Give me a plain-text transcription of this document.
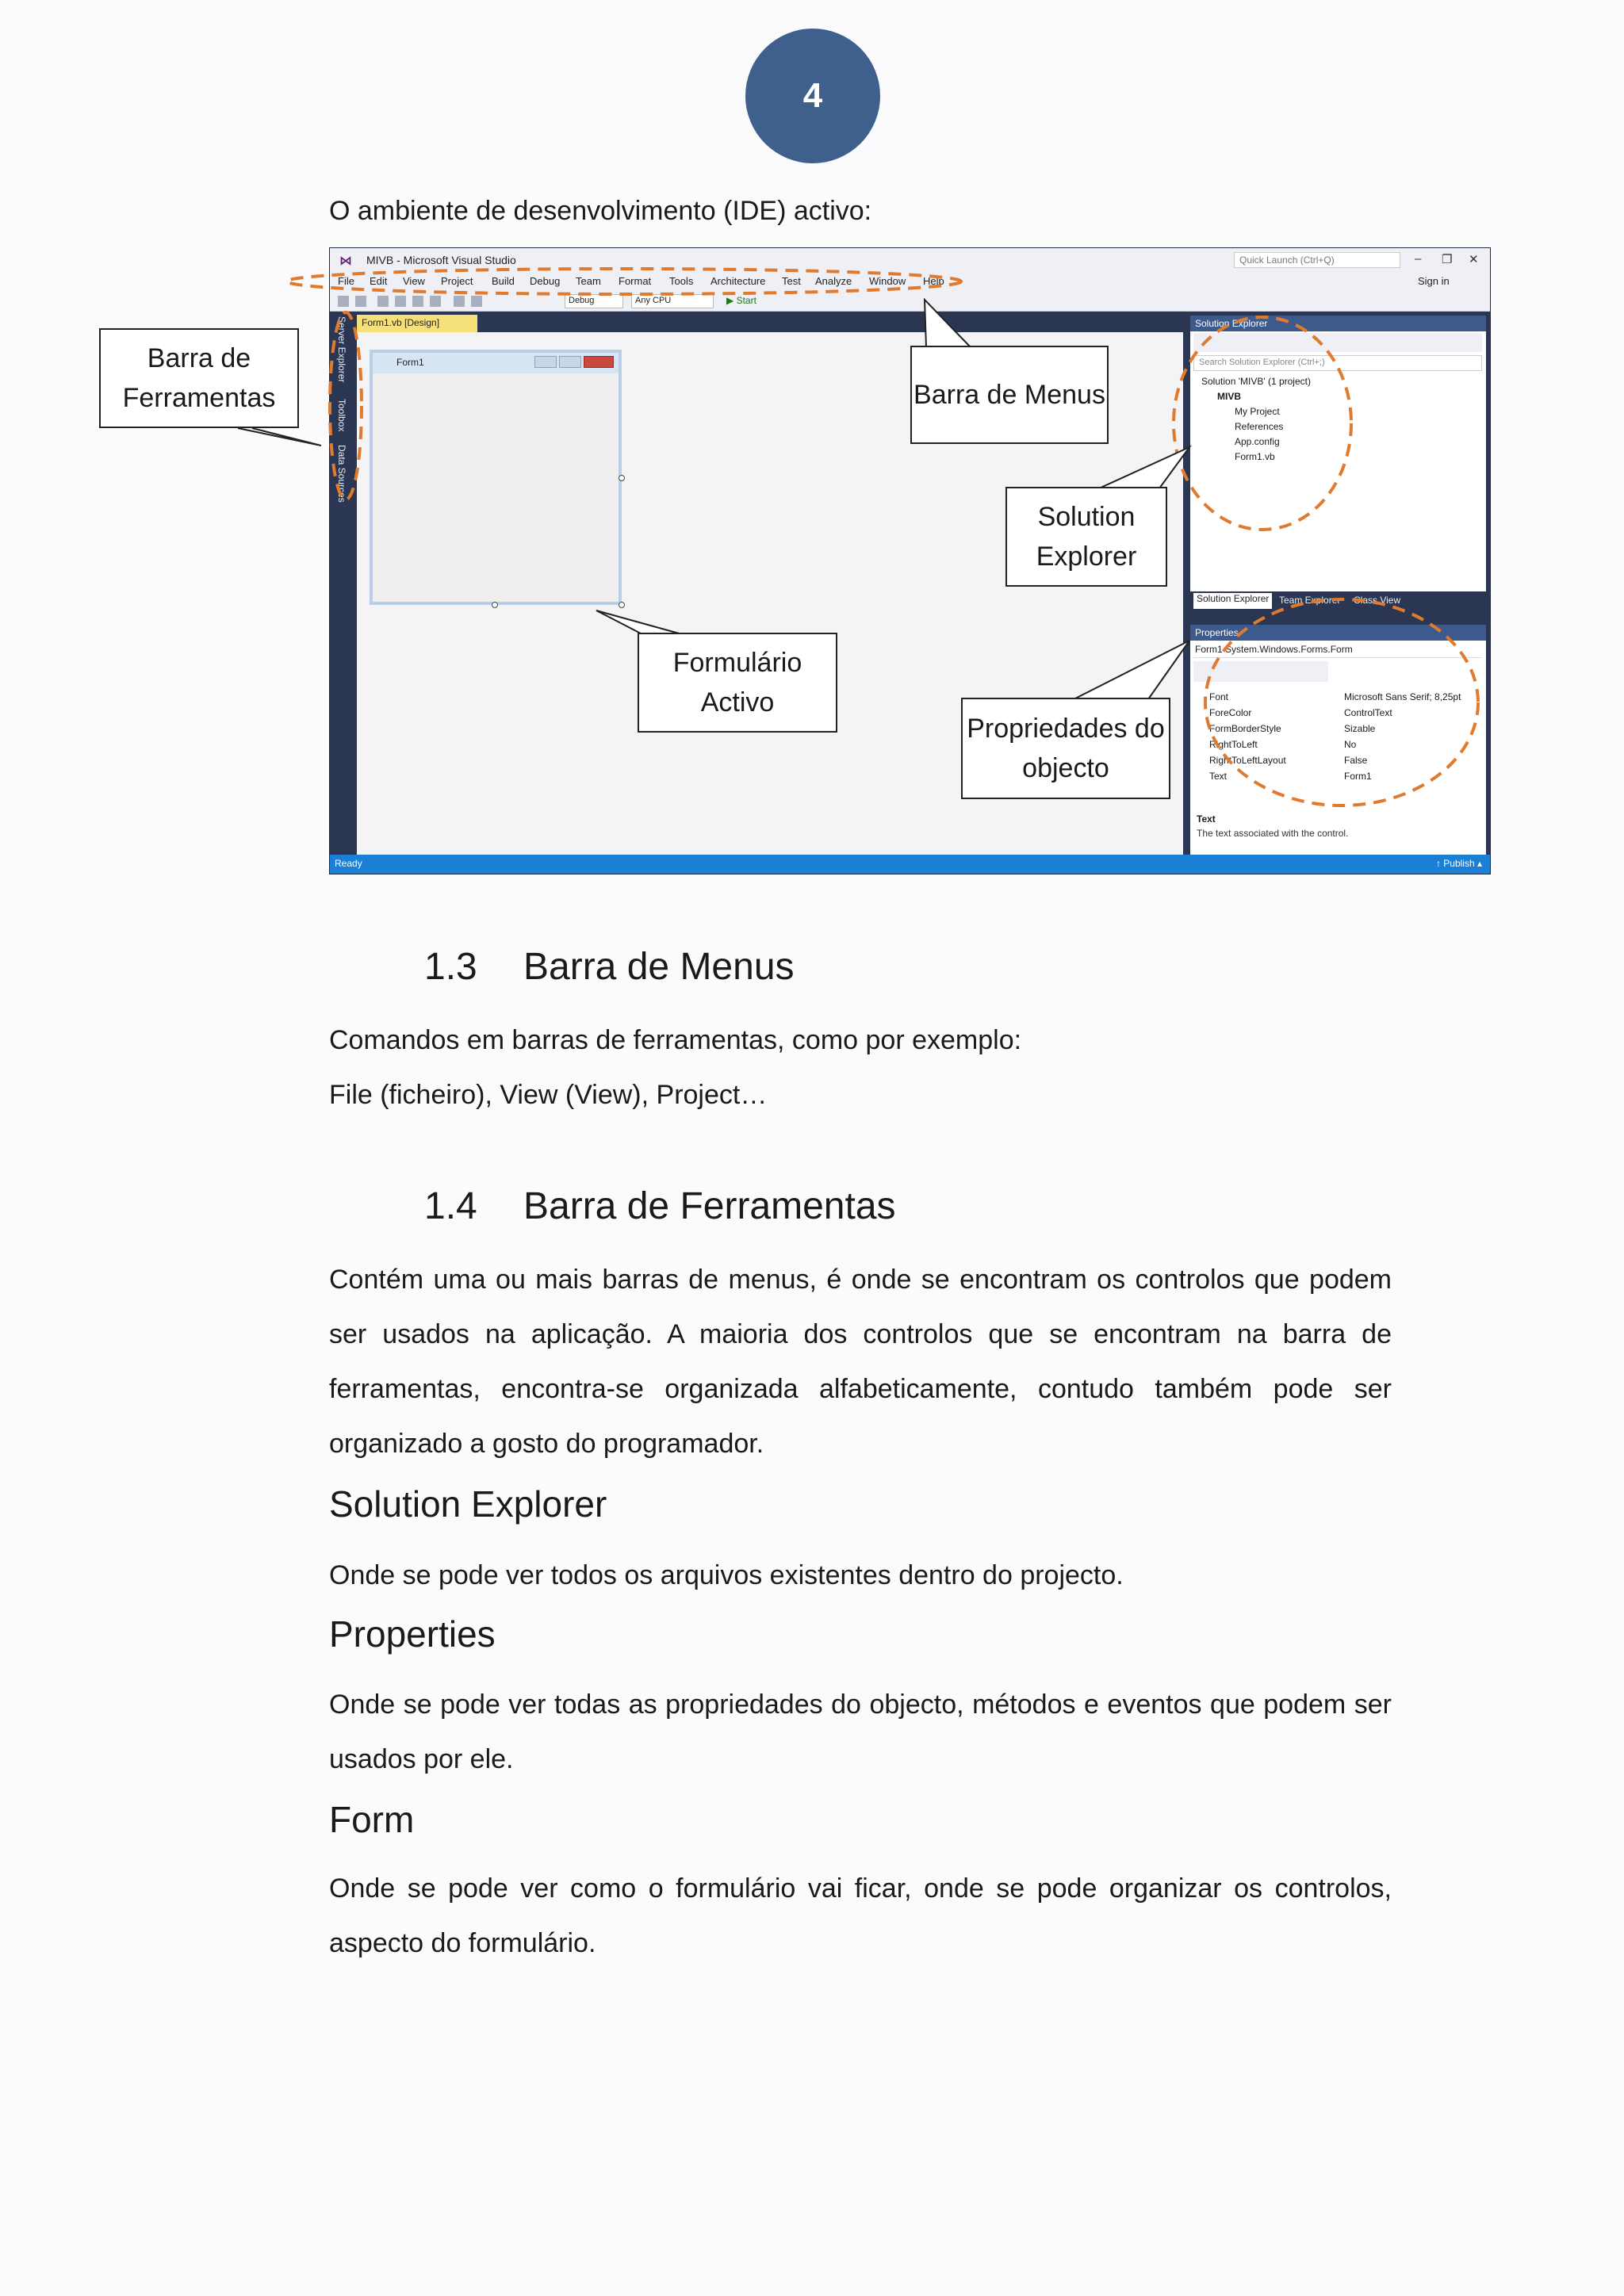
4
O ambiente de desenvolvimento (IDE) activo:
⋈ MIVB - Microsoft Visual Studio	Quick Launch (Ctrl+Q)	– ❐ ✕
File Edit View Project Build Debug Team Format Tools Architecture Test Analyze Window Help	Sign in
Debug	Any CPU	▶ Start
Server Explorer
Toolbox
Data Sources
Form1.vb [Design]
Form1
Solution Explorer
Search Solution Explorer (Ctrl+;)
Solution 'MIVB' (1 project)
MIVB
My Project
References
App.config
Form1.vb
Solution Explorer	Team Explorer Class View
Properties
Form1 System.Windows.Forms.Form
Font	Microsoft Sans Serif; 8,25pt
ForeColor	ControlText
FormBorderStyle	Sizable
RightToLeft	No
RightToLeftLayout	False
Text	Form1
Text
The text associated with the control.
Ready	↑ Publish ▴
Barra de Ferramentas	Barra de Menus
Solution Explorer
Formulário Activo
Propriedades do objecto
1.3 Barra de Menus
Comandos em barras de ferramentas, como por exemplo:
File (ficheiro), View (View), Project…
1.4 Barra de Ferramentas
Contém uma ou mais barras de menus, é onde se encontram os controlos que podem ser usados na aplicação. A maioria dos controlos que se encontram na barra de ferramentas, encontra-se organizada alfabeticamente, contudo também pode ser organizado a gosto do programador.
Solution Explorer
Onde se pode ver todos os arquivos existentes dentro do projecto.
Properties
Onde se pode ver todas as propriedades do objecto, métodos e eventos que podem ser usados por ele.
Form
Onde se pode ver como o formulário vai ficar, onde se pode organizar os controlos, aspecto do formulário.
